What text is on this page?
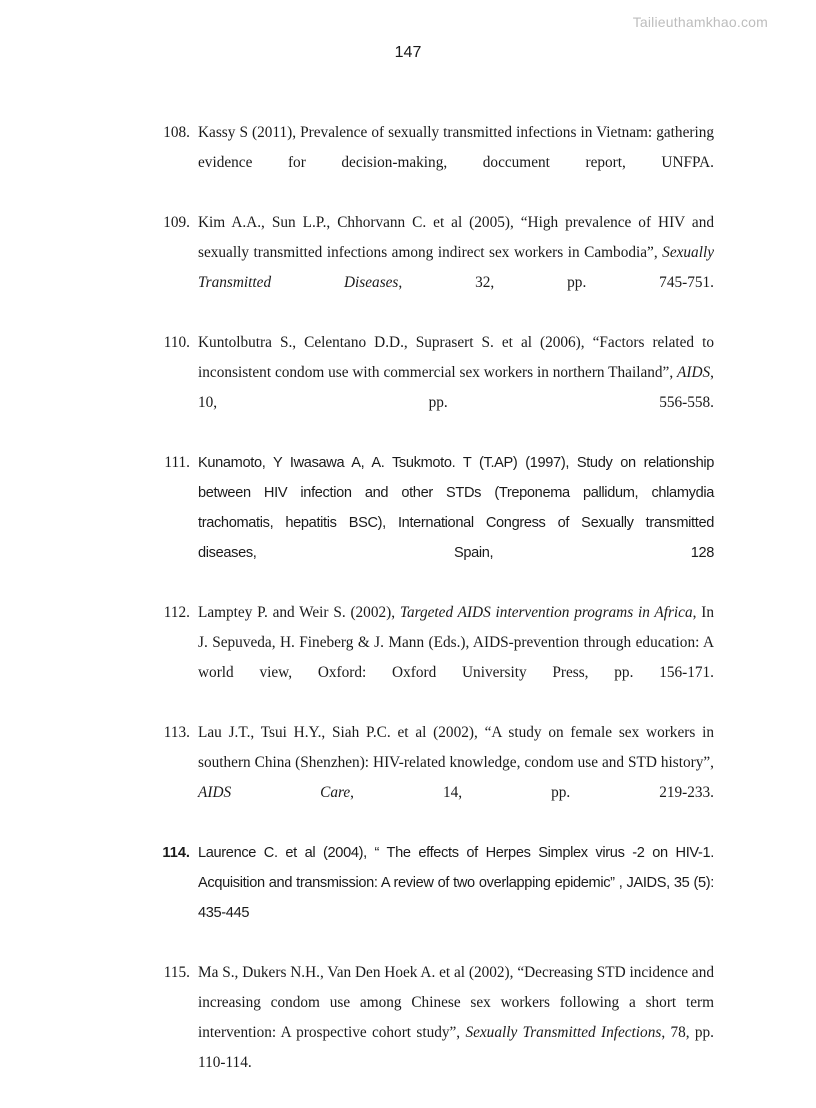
Tailieuthamkhao.com
147
108. Kassy S (2011), Prevalence of sexually transmitted infections in Vietnam: gathering evidence for decision-making, doccument report, UNFPA.
109. Kim A.A., Sun L.P., Chhorvann C. et al (2005), “High prevalence of HIV and sexually transmitted infections among indirect sex workers in Cambodia”, Sexually Transmitted Diseases, 32, pp. 745-751.
110. Kuntolbutra S., Celentano D.D., Suprasert S. et al (2006), “Factors related to inconsistent condom use with commercial sex workers in northern Thailand”, AIDS, 10, pp. 556-558.
111. Kunamoto, Y Iwasawa A, A. Tsukmoto. T (T.AP) (1997), Study on relationship between HIV infection and other STDs (Treponema pallidum, chlamydia trachomatis, hepatitis BSC), International Congress of Sexually transmitted diseases, Spain, 128
112. Lamptey P. and Weir S. (2002), Targeted AIDS intervention programs in Africa, In J. Sepuveda, H. Fineberg & J. Mann (Eds.), AIDS-prevention through education: A world view, Oxford: Oxford University Press, pp. 156-171.
113. Lau J.T., Tsui H.Y., Siah P.C. et al (2002), “A study on female sex workers in southern China (Shenzhen): HIV-related knowledge, condom use and STD history”, AIDS Care, 14, pp. 219-233.
114. Laurence C. et al (2004), “ The effects of Herpes Simplex virus -2 on HIV-1. Acquisition and transmission: A review of two overlapping epidemic” , JAIDS, 35 (5): 435-445
115. Ma S., Dukers N.H., Van Den Hoek A. et al (2002), “Decreasing STD incidence and increasing condom use among Chinese sex workers following a short term intervention: A prospective cohort study”, Sexually Transmitted Infections, 78, pp. 110-114.
